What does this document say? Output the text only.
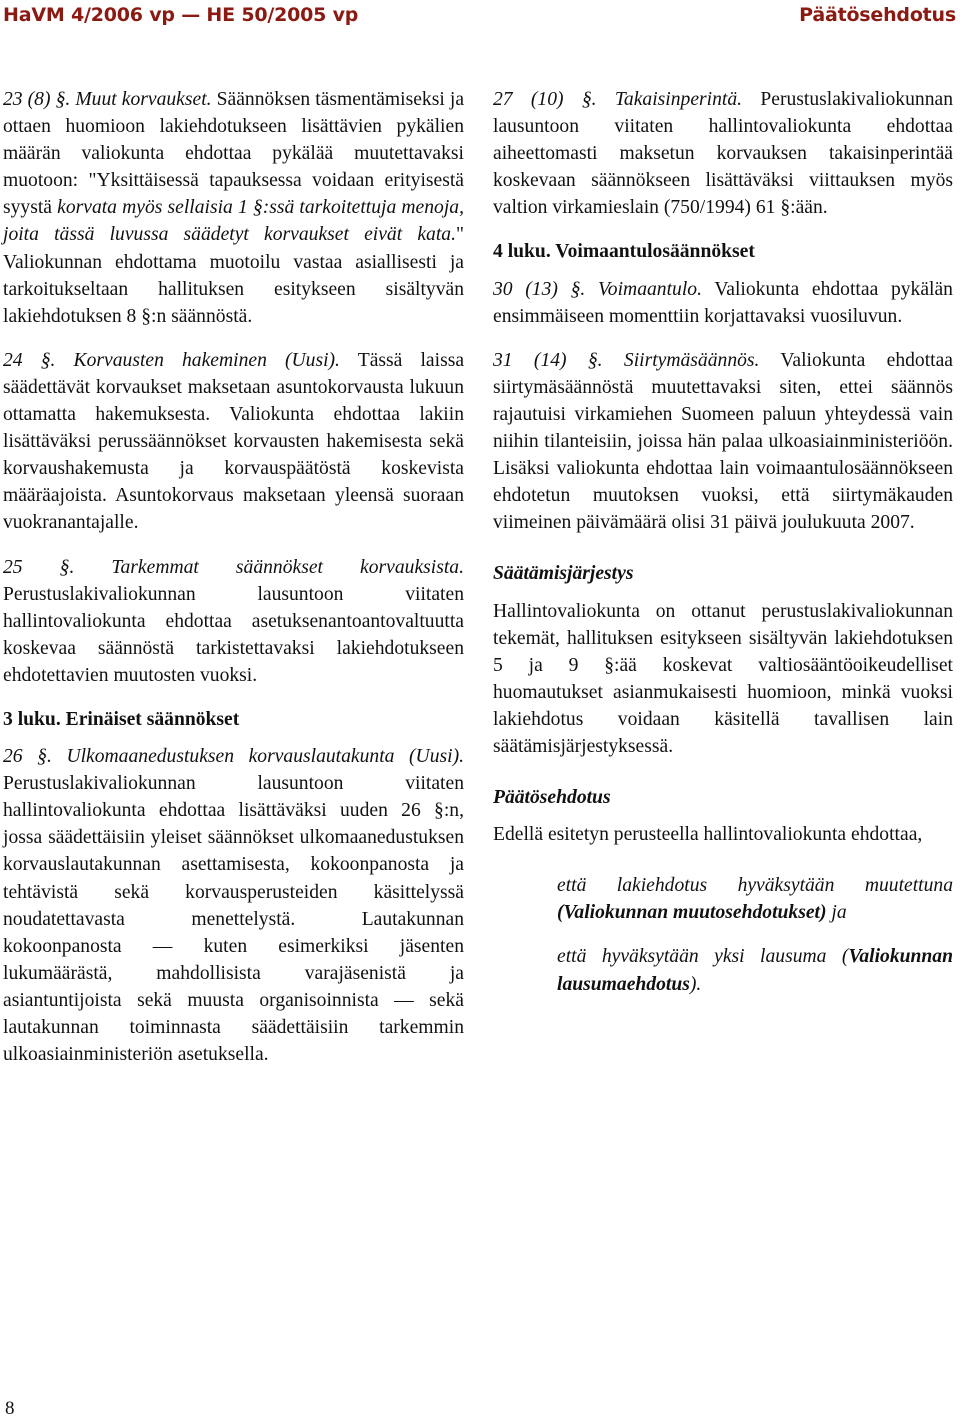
HaVM 4/2006 vp — HE 50/2005 vp	Päätösehdotus

23 (8) §. Muut korvaukset. Säännöksen täsmentämiseksi ja ottaen huomioon lakiehdotukseen lisättävien pykälien määrän valiokunta ehdottaa pykälää muutettavaksi muotoon: "Yksittäisessä tapauksessa voidaan erityisestä syystä korvata myös sellaisia 1 §:ssä tarkoitettuja menoja, joita tässä luvussa säädetyt korvaukset eivät kata." Valiokunnan ehdottama muotoilu vastaa asiallisesti ja tarkoitukseltaan hallituksen esitykseen sisältyvän lakiehdotuksen 8 §:n säännöstä.

24 §. Korvausten hakeminen (Uusi). Tässä laissa säädettävät korvaukset maksetaan asuntokorvausta lukuun ottamatta hakemuksesta. Valiokunta ehdottaa lakiin lisättäväksi perussäännökset korvausten hakemisesta sekä korvaushakemusta ja korvauspäätöstä koskevista määräajoista. Asuntokorvaus maksetaan yleensä suoraan vuokranantajalle.

25 §. Tarkemmat säännökset korvauksista. Perustuslakivaliokunnan lausuntoon viitaten hallintovaliokunta ehdottaa asetuksenantoantovaltuutta koskevaa säännöstä tarkistettavaksi lakiehdotukseen ehdotettavien muutosten vuoksi.

3 luku. Erinäiset säännökset

26 §. Ulkomaanedustuksen korvauslautakunta (Uusi). Perustuslakivaliokunnan lausuntoon viitaten hallintovaliokunta ehdottaa lisättäväksi uuden 26 §:n, jossa säädettäisiin yleiset säännökset ulkomaanedustuksen korvauslautakunnan asettamisesta, kokoonpanosta ja tehtävistä sekä korvausperusteiden käsittelyssä noudatettavasta menettelystä. Lautakunnan kokoonpanosta — kuten esimerkiksi jäsenten lukumäärästä, mahdollisista varajäsenistä ja asiantuntijoista sekä muusta organisoinnista — sekä lautakunnan toiminnasta säädettäisiin tarkemmin ulkoasiainministeriön asetuksella.

27 (10) §. Takaisinperintä. Perustuslakivaliokunnan lausuntoon viitaten hallintovaliokunta ehdottaa aiheettomasti maksetun korvauksen takaisinperintää koskevaan säännökseen lisättäväksi viittauksen myös valtion virkamieslain (750/1994) 61 §:ään.

4 luku. Voimaantulosäännökset

30 (13) §. Voimaantulo. Valiokunta ehdottaa pykälän ensimmäiseen momenttiin korjattavaksi vuosiluvun.

31 (14) §. Siirtymäsäännös. Valiokunta ehdottaa siirtymäsäännöstä muutettavaksi siten, ettei säännös rajautuisi virkamiehen Suomeen paluun yhteydessä vain niihin tilanteisiin, joissa hän palaa ulkoasiainministeriöön. Lisäksi valiokunta ehdottaa lain voimaantulosäännökseen ehdotetun muutoksen vuoksi, että siirtymäkauden viimeinen päivämäärä olisi 31 päivä joulukuuta 2007.

Säätämisjärjestys

Hallintovaliokunta on ottanut perustuslakivaliokunnan tekemät, hallituksen esitykseen sisältyvän lakiehdotuksen 5 ja 9 §:ää koskevat valtiosääntöoikeudelliset huomautukset asianmukaisesti huomioon, minkä vuoksi lakiehdotus voidaan käsitellä tavallisen lain säätämisjärjestyksessä.

Päätösehdotus

Edellä esitetyn perusteella hallintovaliokunta ehdottaa,

että lakiehdotus hyväksytään muutettuna (Valiokunnan muutosehdotukset) ja

että hyväksytään yksi lausuma (Valiokunnan lausumaehdotus).

8
